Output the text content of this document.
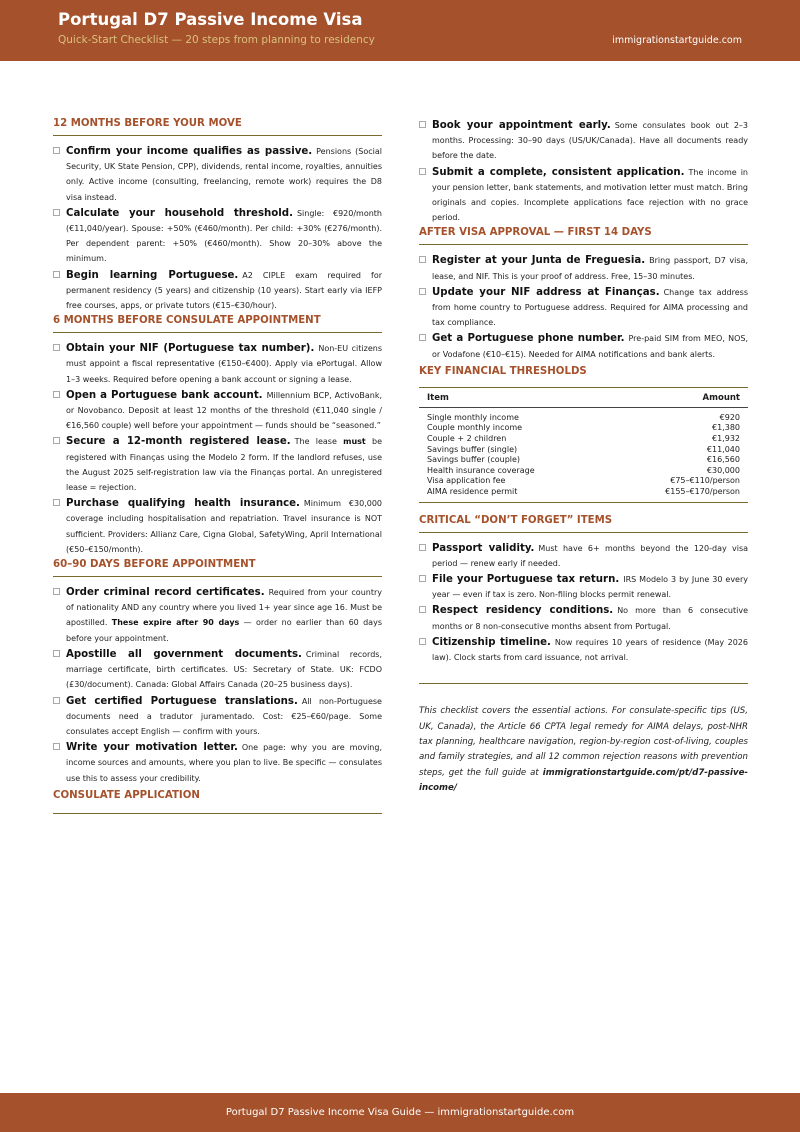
Portugal D7 Passive Income Visa
Quick-Start Checklist — 20 steps from planning to residency	immigrationstartguide.com
12 MONTHS BEFORE YOUR MOVE
Confirm your income qualifies as passive. Pensions (Social Security, UK State Pension, CPP), dividends, rental income, royalties, annuities only. Active income (consulting, freelancing, remote work) requires the D8 visa instead.
Calculate your household threshold. Single: €920/month (€11,040/year). Spouse: +50% (€460/month). Per child: +30% (€276/month). Per dependent parent: +50% (€460/month). Show 20–30% above the minimum.
Begin learning Portuguese. A2 CIPLE exam required for permanent residency (5 years) and citizenship (10 years). Start early via IEFP free courses, apps, or private tutors (€15–€30/hour).
6 MONTHS BEFORE CONSULATE APPOINTMENT
Obtain your NIF (Portuguese tax number). Non-EU citizens must appoint a fiscal representative (€150–€400). Apply via ePortugal. Allow 1–3 weeks. Required before opening a bank account or signing a lease.
Open a Portuguese bank account. Millennium BCP, ActivoBank, or Novobanco. Deposit at least 12 months of the threshold (€11,040 single / €16,560 couple) well before your appointment — funds should be “seasoned.”
Secure a 12-month registered lease. The lease must be registered with Finanças using the Modelo 2 form. If the landlord refuses, use the August 2025 self-registration law via the Finanças portal. An unregistered lease = rejection.
Purchase qualifying health insurance. Minimum €30,000 coverage including hospitalisation and repatriation. Travel insurance is NOT sufficient. Providers: Allianz Care, Cigna Global, SafetyWing, April International (€50–€150/month).
60–90 DAYS BEFORE APPOINTMENT
Order criminal record certificates. Required from your country of nationality AND any country where you lived 1+ year since age 16. Must be apostilled. These expire after 90 days — order no earlier than 60 days before your appointment.
Apostille all government documents. Criminal records, marriage certificate, birth certificates. US: Secretary of State. UK: FCDO (£30/document). Canada: Global Affairs Canada (20–25 business days).
Get certified Portuguese translations. All non-Portuguese documents need a tradutor juramentado. Cost: €25–€60/page. Some consulates accept English — confirm with yours.
Write your motivation letter. One page: why you are moving, income sources and amounts, where you plan to live. Be specific — consulates use this to assess your credibility.
CONSULATE APPLICATION
Book your appointment early. Some consulates book out 2–3 months. Processing: 30–90 days (US/UK/Canada). Have all documents ready before the date.
Submit a complete, consistent application. The income in your pension letter, bank statements, and motivation letter must match. Bring originals and copies. Incomplete applications face rejection with no grace period.
AFTER VISA APPROVAL — FIRST 14 DAYS
Register at your Junta de Freguesia. Bring passport, D7 visa, lease, and NIF. This is your proof of address. Free, 15–30 minutes.
Update your NIF address at Finanças. Change tax address from home country to Portuguese address. Required for AIMA processing and tax compliance.
Get a Portuguese phone number. Pre-paid SIM from MEO, NOS, or Vodafone (€10–€15). Needed for AIMA notifications and bank alerts.
KEY FINANCIAL THRESHOLDS
Item	Amount
Single monthly income	€920
Couple monthly income	€1,380
Couple + 2 children	€1,932
Savings buffer (single)	€11,040
Savings buffer (couple)	€16,560
Health insurance coverage	€30,000
Visa application fee	€75–€110/person
AIMA residence permit	€155–€170/person
CRITICAL “DON’T FORGET” ITEMS
Passport validity. Must have 6+ months beyond the 120-day visa period — renew early if needed.
File your Portuguese tax return. IRS Modelo 3 by June 30 every year — even if tax is zero. Non-filing blocks permit renewal.
Respect residency conditions. No more than 6 consecutive months or 8 non-consecutive months absent from Portugal.
Citizenship timeline. Now requires 10 years of residence (May 2026 law). Clock starts from card issuance, not arrival.
This checklist covers the essential actions. For consulate-specific tips (US, UK, Canada), the Article 66 CPTA legal remedy for AIMA delays, post-NHR tax planning, healthcare navigation, region-by-region cost-of-living, couples and family strategies, and all 12 common rejection reasons with prevention steps, get the full guide at immigrationstartguide.com/pt/d7-passive-income/
Portugal D7 Passive Income Visa Guide — immigrationstartguide.com
